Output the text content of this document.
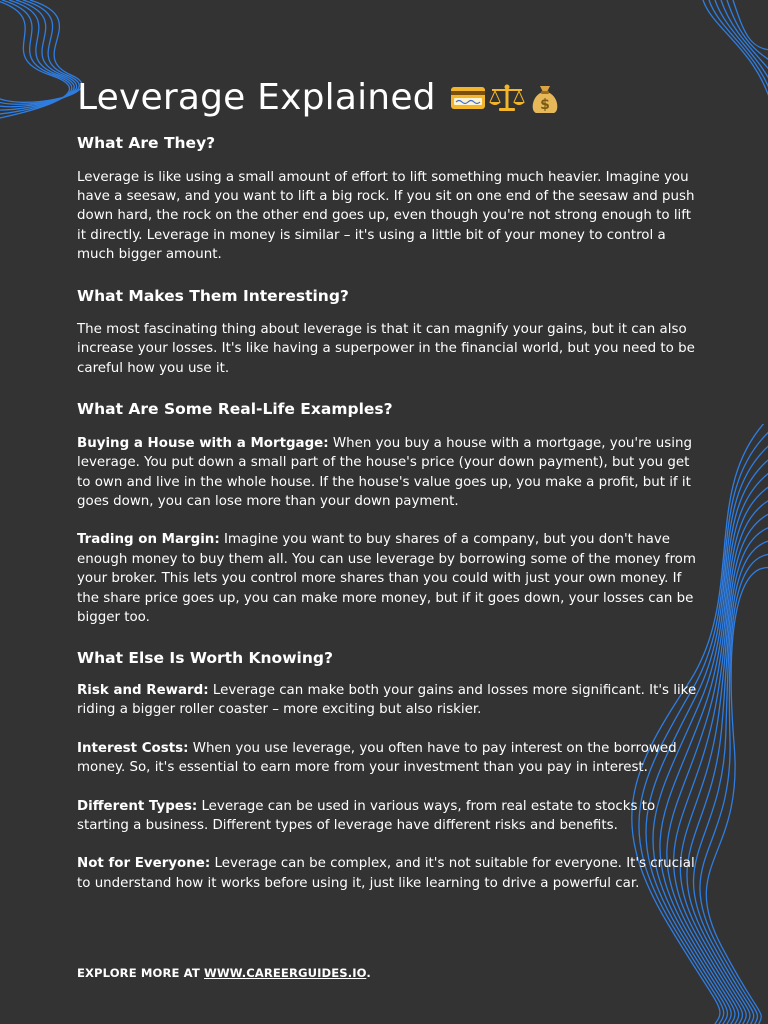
Leverage Explained	$
What Are They?

Leverage is like using a small amount of effort to lift something much heavier. Imagine you have a seesaw, and you want to lift a big rock. If you sit on one end of the seesaw and push down hard, the rock on the other end goes up, even though you're not strong enough to lift it directly. Leverage in money is similar – it's using a little bit of your money to control a much bigger amount.

What Makes Them Interesting?

The most fascinating thing about leverage is that it can magnify your gains, but it can also increase your losses. It's like having a superpower in the financial world, but you need to be careful how you use it.

What Are Some Real-Life Examples?

Buying a House with a Mortgage: When you buy a house with a mortgage, you're using leverage. You put down a small part of the house's price (your down payment), but you get to own and live in the whole house. If the house's value goes up, you make a profit, but if it goes down, you can lose more than your down payment.

Trading on Margin: Imagine you want to buy shares of a company, but you don't have enough money to buy them all. You can use leverage by borrowing some of the money from your broker. This lets you control more shares than you could with just your own money. If the share price goes up, you can make more money, but if it goes down, your losses can be bigger too.

What Else Is Worth Knowing?

Risk and Reward: Leverage can make both your gains and losses more significant. It's like riding a bigger roller coaster – more exciting but also riskier.

Interest Costs: When you use leverage, you often have to pay interest on the borrowed money. So, it's essential to earn more from your investment than you pay in interest.

Different Types: Leverage can be used in various ways, from real estate to stocks to starting a business. Different types of leverage have different risks and benefits.

Not for Everyone: Leverage can be complex, and it's not suitable for everyone. It's crucial to understand how it works before using it, just like learning to drive a powerful car.

EXPLORE MORE AT WWW.CAREERGUIDES.IO.
